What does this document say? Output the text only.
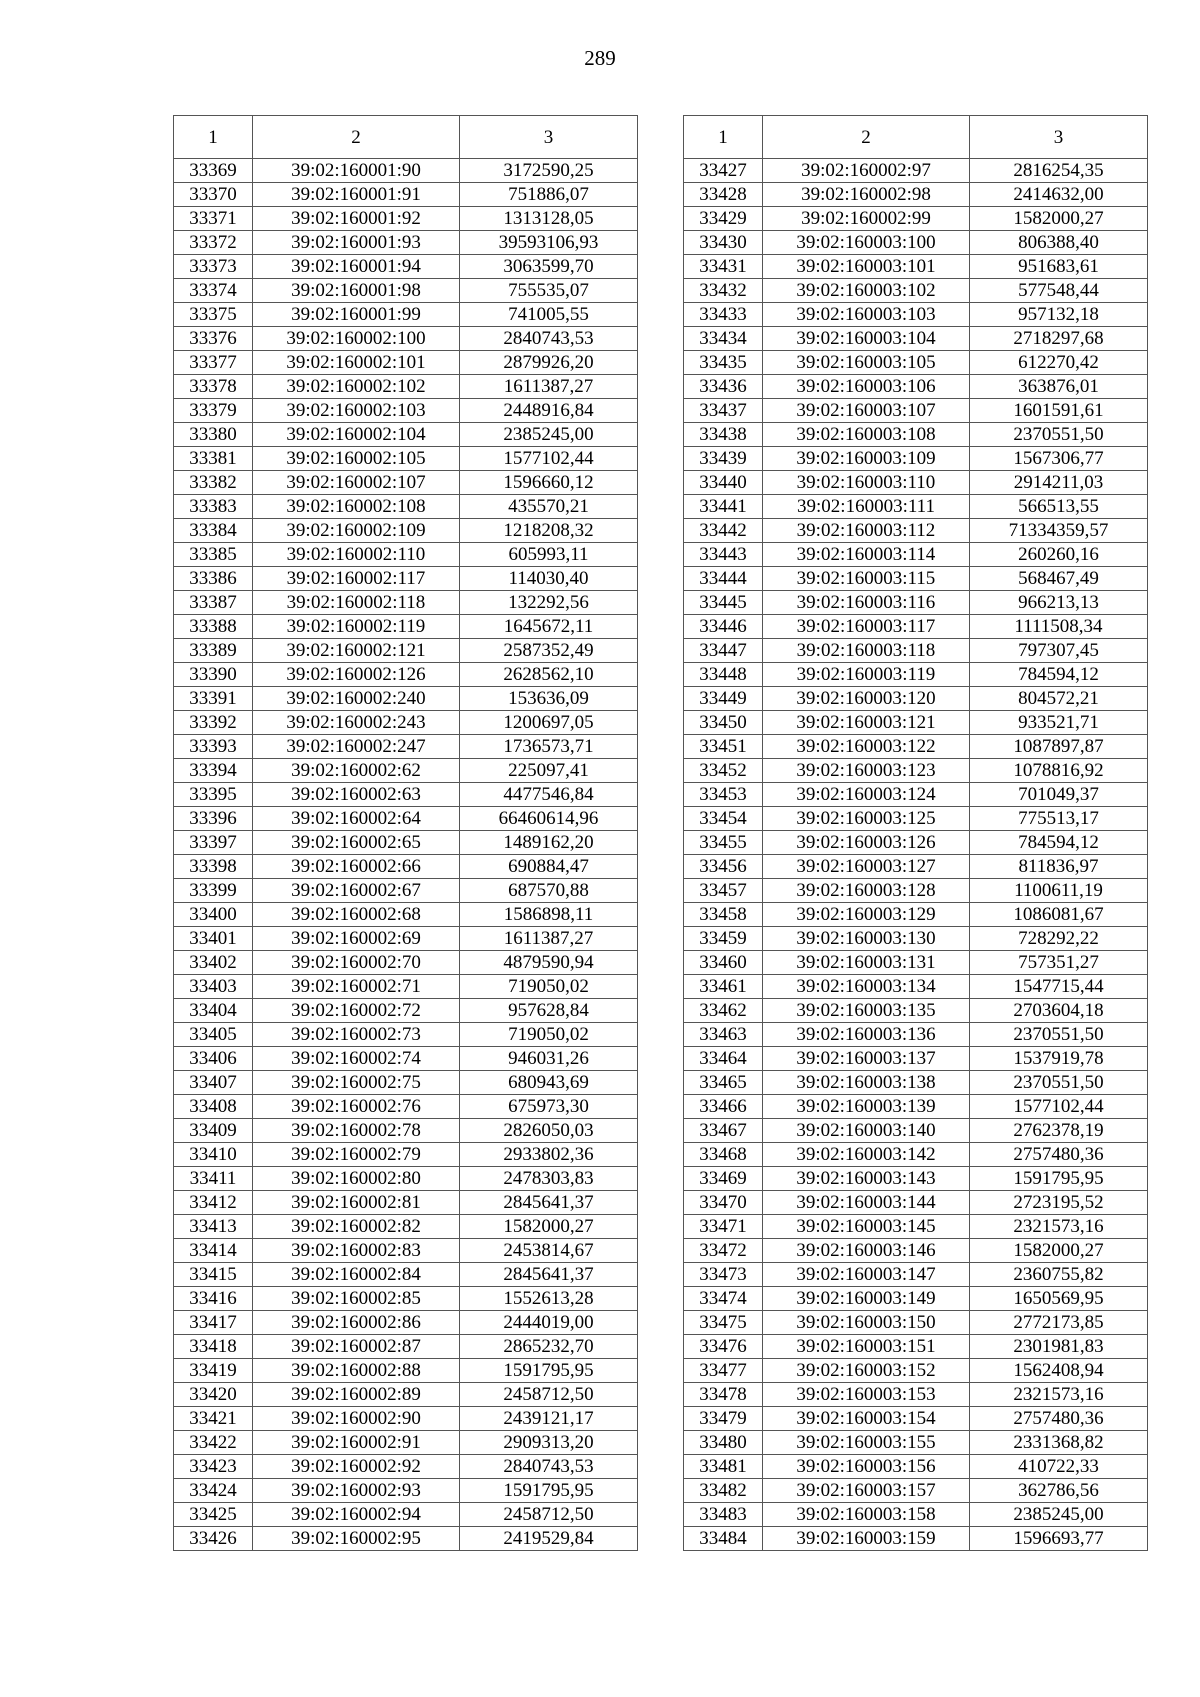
289
1	2	3
33369	39:02:160001:90	3172590,25
33370	39:02:160001:91	751886,07
33371	39:02:160001:92	1313128,05
33372	39:02:160001:93	39593106,93
33373	39:02:160001:94	3063599,70
33374	39:02:160001:98	755535,07
33375	39:02:160001:99	741005,55
33376	39:02:160002:100	2840743,53
33377	39:02:160002:101	2879926,20
33378	39:02:160002:102	1611387,27
33379	39:02:160002:103	2448916,84
33380	39:02:160002:104	2385245,00
33381	39:02:160002:105	1577102,44
33382	39:02:160002:107	1596660,12
33383	39:02:160002:108	435570,21
33384	39:02:160002:109	1218208,32
33385	39:02:160002:110	605993,11
33386	39:02:160002:117	114030,40
33387	39:02:160002:118	132292,56
33388	39:02:160002:119	1645672,11
33389	39:02:160002:121	2587352,49
33390	39:02:160002:126	2628562,10
33391	39:02:160002:240	153636,09
33392	39:02:160002:243	1200697,05
33393	39:02:160002:247	1736573,71
33394	39:02:160002:62	225097,41
33395	39:02:160002:63	4477546,84
33396	39:02:160002:64	66460614,96
33397	39:02:160002:65	1489162,20
33398	39:02:160002:66	690884,47
33399	39:02:160002:67	687570,88
33400	39:02:160002:68	1586898,11
33401	39:02:160002:69	1611387,27
33402	39:02:160002:70	4879590,94
33403	39:02:160002:71	719050,02
33404	39:02:160002:72	957628,84
33405	39:02:160002:73	719050,02
33406	39:02:160002:74	946031,26
33407	39:02:160002:75	680943,69
33408	39:02:160002:76	675973,30
33409	39:02:160002:78	2826050,03
33410	39:02:160002:79	2933802,36
33411	39:02:160002:80	2478303,83
33412	39:02:160002:81	2845641,37
33413	39:02:160002:82	1582000,27
33414	39:02:160002:83	2453814,67
33415	39:02:160002:84	2845641,37
33416	39:02:160002:85	1552613,28
33417	39:02:160002:86	2444019,00
33418	39:02:160002:87	2865232,70
33419	39:02:160002:88	1591795,95
33420	39:02:160002:89	2458712,50
33421	39:02:160002:90	2439121,17
33422	39:02:160002:91	2909313,20
33423	39:02:160002:92	2840743,53
33424	39:02:160002:93	1591795,95
33425	39:02:160002:94	2458712,50
33426	39:02:160002:95	2419529,84
1	2	3
33427	39:02:160002:97	2816254,35
33428	39:02:160002:98	2414632,00
33429	39:02:160002:99	1582000,27
33430	39:02:160003:100	806388,40
33431	39:02:160003:101	951683,61
33432	39:02:160003:102	577548,44
33433	39:02:160003:103	957132,18
33434	39:02:160003:104	2718297,68
33435	39:02:160003:105	612270,42
33436	39:02:160003:106	363876,01
33437	39:02:160003:107	1601591,61
33438	39:02:160003:108	2370551,50
33439	39:02:160003:109	1567306,77
33440	39:02:160003:110	2914211,03
33441	39:02:160003:111	566513,55
33442	39:02:160003:112	71334359,57
33443	39:02:160003:114	260260,16
33444	39:02:160003:115	568467,49
33445	39:02:160003:116	966213,13
33446	39:02:160003:117	1111508,34
33447	39:02:160003:118	797307,45
33448	39:02:160003:119	784594,12
33449	39:02:160003:120	804572,21
33450	39:02:160003:121	933521,71
33451	39:02:160003:122	1087897,87
33452	39:02:160003:123	1078816,92
33453	39:02:160003:124	701049,37
33454	39:02:160003:125	775513,17
33455	39:02:160003:126	784594,12
33456	39:02:160003:127	811836,97
33457	39:02:160003:128	1100611,19
33458	39:02:160003:129	1086081,67
33459	39:02:160003:130	728292,22
33460	39:02:160003:131	757351,27
33461	39:02:160003:134	1547715,44
33462	39:02:160003:135	2703604,18
33463	39:02:160003:136	2370551,50
33464	39:02:160003:137	1537919,78
33465	39:02:160003:138	2370551,50
33466	39:02:160003:139	1577102,44
33467	39:02:160003:140	2762378,19
33468	39:02:160003:142	2757480,36
33469	39:02:160003:143	1591795,95
33470	39:02:160003:144	2723195,52
33471	39:02:160003:145	2321573,16
33472	39:02:160003:146	1582000,27
33473	39:02:160003:147	2360755,82
33474	39:02:160003:149	1650569,95
33475	39:02:160003:150	2772173,85
33476	39:02:160003:151	2301981,83
33477	39:02:160003:152	1562408,94
33478	39:02:160003:153	2321573,16
33479	39:02:160003:154	2757480,36
33480	39:02:160003:155	2331368,82
33481	39:02:160003:156	410722,33
33482	39:02:160003:157	362786,56
33483	39:02:160003:158	2385245,00
33484	39:02:160003:159	1596693,77
